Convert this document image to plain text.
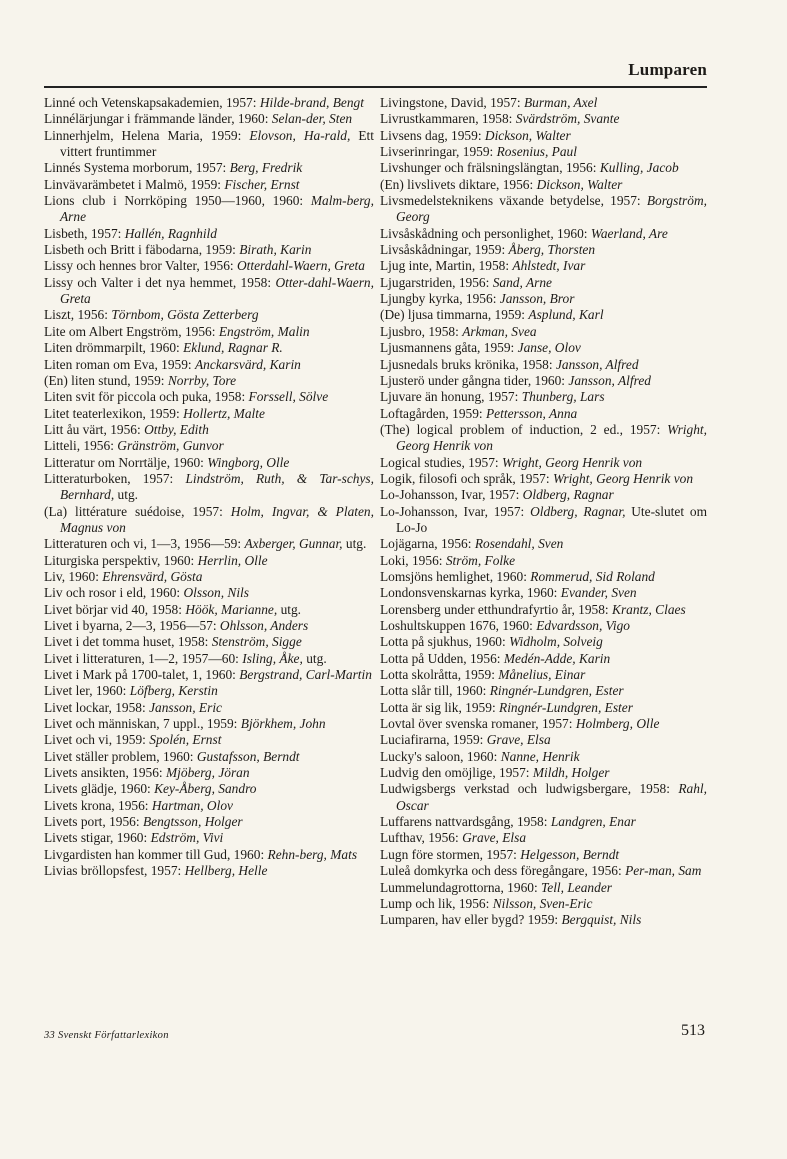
Lumparen
Linné och Vetenskapsakademien, 1957: Hilde-brand, Bengt
Linnélärjungar i främmande länder, 1960: Selan-der, Sten
Linnerhjelm, Helena Maria, 1959: Elovson, Ha-rald, Ett vittert fruntimmer
Linnés Systema morborum, 1957: Berg, Fredrik
Linvävarämbetet i Malmö, 1959: Fischer, Ernst
Lions club i Norrköping 1950—1960, 1960: Malm-berg, Arne
Lisbeth, 1957: Hallén, Ragnhild
Lisbeth och Britt i fäbodarna, 1959: Birath, Karin
Lissy och hennes bror Valter, 1956: Otterdahl-Waern, Greta
Lissy och Valter i det nya hemmet, 1958: Otter-dahl-Waern, Greta
Liszt, 1956: Törnbom, Gösta Zetterberg
Lite om Albert Engström, 1956: Engström, Malin
Liten drömmarpilt, 1960: Eklund, Ragnar R.
Liten roman om Eva, 1959: Anckarsvärd, Karin
(En) liten stund, 1959: Norrby, Tore
Liten svit för piccola och puka, 1958: Forssell, Sölve
Litet teaterlexikon, 1959: Hollertz, Malte
Litt åu värt, 1956: Ottby, Edith
Litteli, 1956: Gränström, Gunvor
Litteratur om Norrtälje, 1960: Wingborg, Olle
Litteraturboken, 1957: Lindström, Ruth, & Tar-schys, Bernhard, utg.
(La) littérature suédoise, 1957: Holm, Ingvar, & Platen, Magnus von
Litteraturen och vi, 1—3, 1956—59: Axberger, Gunnar, utg.
Liturgiska perspektiv, 1960: Herrlin, Olle
Liv, 1960: Ehrensvärd, Gösta
Liv och rosor i eld, 1960: Olsson, Nils
Livet börjar vid 40, 1958: Höök, Marianne, utg.
Livet i byarna, 2—3, 1956—57: Ohlsson, Anders
Livet i det tomma huset, 1958: Stenström, Sigge
Livet i litteraturen, 1—2, 1957—60: Isling, Åke, utg.
Livet i Mark på 1700-talet, 1, 1960: Bergstrand, Carl-Martin
Livet ler, 1960: Löfberg, Kerstin
Livet lockar, 1958: Jansson, Eric
Livet och människan, 7 uppl., 1959: Björkhem, John
Livet och vi, 1959: Spolén, Ernst
Livet ställer problem, 1960: Gustafsson, Berndt
Livets ansikten, 1956: Mjöberg, Jöran
Livets glädje, 1960: Key-Åberg, Sandro
Livets krona, 1956: Hartman, Olov
Livets port, 1956: Bengtsson, Holger
Livets stigar, 1960: Edström, Vivi
Livgardisten han kommer till Gud, 1960: Rehn-berg, Mats
Livias bröllopsfest, 1957: Hellberg, Helle
Livingstone, David, 1957: Burman, Axel
Livrustkammaren, 1958: Svärdström, Svante
Livsens dag, 1959: Dickson, Walter
Livserinringar, 1959: Rosenius, Paul
Livshunger och frälsningslängtan, 1956: Kulling, Jacob
(En) livslivets diktare, 1956: Dickson, Walter
Livsmedelsteknikens växande betydelse, 1957: Borgström, Georg
Livsåskådning och personlighet, 1960: Waerland, Are
Livsåskådningar, 1959: Åberg, Thorsten
Ljug inte, Martin, 1958: Ahlstedt, Ivar
Ljugarstriden, 1956: Sand, Arne
Ljungby kyrka, 1956: Jansson, Bror
(De) ljusa timmarna, 1959: Asplund, Karl
Ljusbro, 1958: Arkman, Svea
Ljusmannens gåta, 1959: Janse, Olov
Ljusnedals bruks krönika, 1958: Jansson, Alfred
Ljusterö under gångna tider, 1960: Jansson, Alfred
Ljuvare än honung, 1957: Thunberg, Lars
Loftagården, 1959: Pettersson, Anna
(The) logical problem of induction, 2 ed., 1957: Wright, Georg Henrik von
Logical studies, 1957: Wright, Georg Henrik von
Logik, filosofi och språk, 1957: Wright, Georg Henrik von
Lo-Johansson, Ivar, 1957: Oldberg, Ragnar
Lo-Johansson, Ivar, 1957: Oldberg, Ragnar, Ute-slutet om Lo-Jo
Lojägarna, 1956: Rosendahl, Sven
Loki, 1956: Ström, Folke
Lomsjöns hemlighet, 1960: Rommerud, Sid Roland
Londonsvenskarnas kyrka, 1960: Evander, Sven
Lorensberg under etthundrafyrtio år, 1958: Krantz, Claes
Loshultskuppen 1676, 1960: Edvardsson, Vigo
Lotta på sjukhus, 1960: Widholm, Solveig
Lotta på Udden, 1956: Medén-Adde, Karin
Lotta skolråtta, 1959: Månelius, Einar
Lotta slår till, 1960: Ringnér-Lundgren, Ester
Lotta är sig lik, 1959: Ringnér-Lundgren, Ester
Lovtal över svenska romaner, 1957: Holmberg, Olle
Luciafirarna, 1959: Grave, Elsa
Lucky's saloon, 1960: Nanne, Henrik
Ludvig den omöjlige, 1957: Mildh, Holger
Ludwigsbergs verkstad och ludwigsbergare, 1958: Rahl, Oscar
Luffarens nattvardsgång, 1958: Landgren, Enar
Lufthav, 1956: Grave, Elsa
Lugn före stormen, 1957: Helgesson, Berndt
Luleå domkyrka och dess föregångare, 1956: Per-man, Sam
Lummelundagrottorna, 1960: Tell, Leander
Lump och lik, 1956: Nilsson, Sven-Eric
Lumparen, hav eller bygd? 1959: Bergquist, Nils
33 Svenskt Författarlexikon	513
